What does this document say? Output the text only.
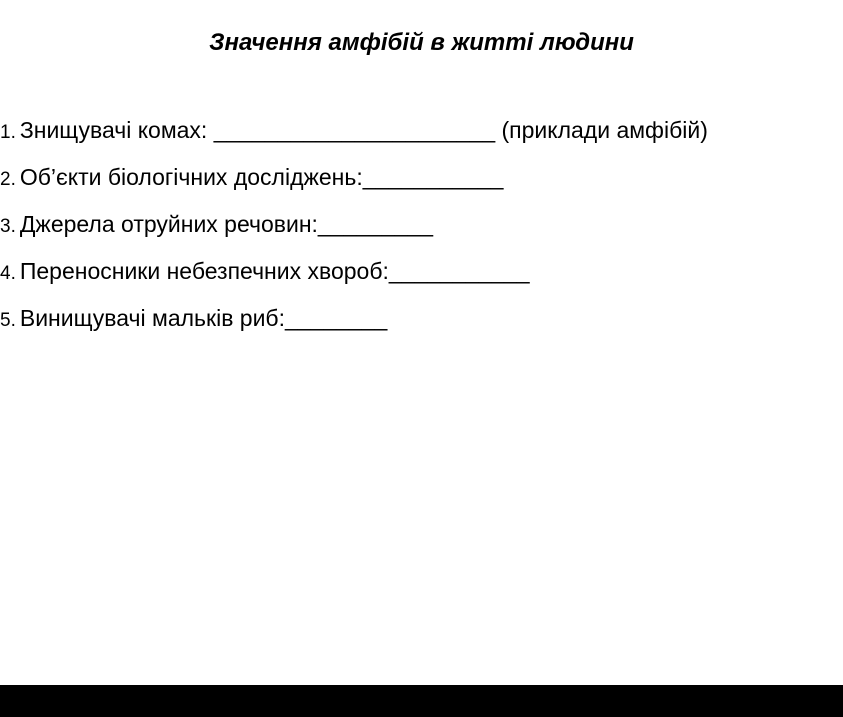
Значення амфібій в житті людини
1. Знищувачі комах: ______________________ (приклади амфібій)
2. Об’єкти біологічних досліджень:___________
3. Джерела отруйних речовин:_________
4. Переносники небезпечних хвороб:___________
5. Винищувачі мальків риб:________
